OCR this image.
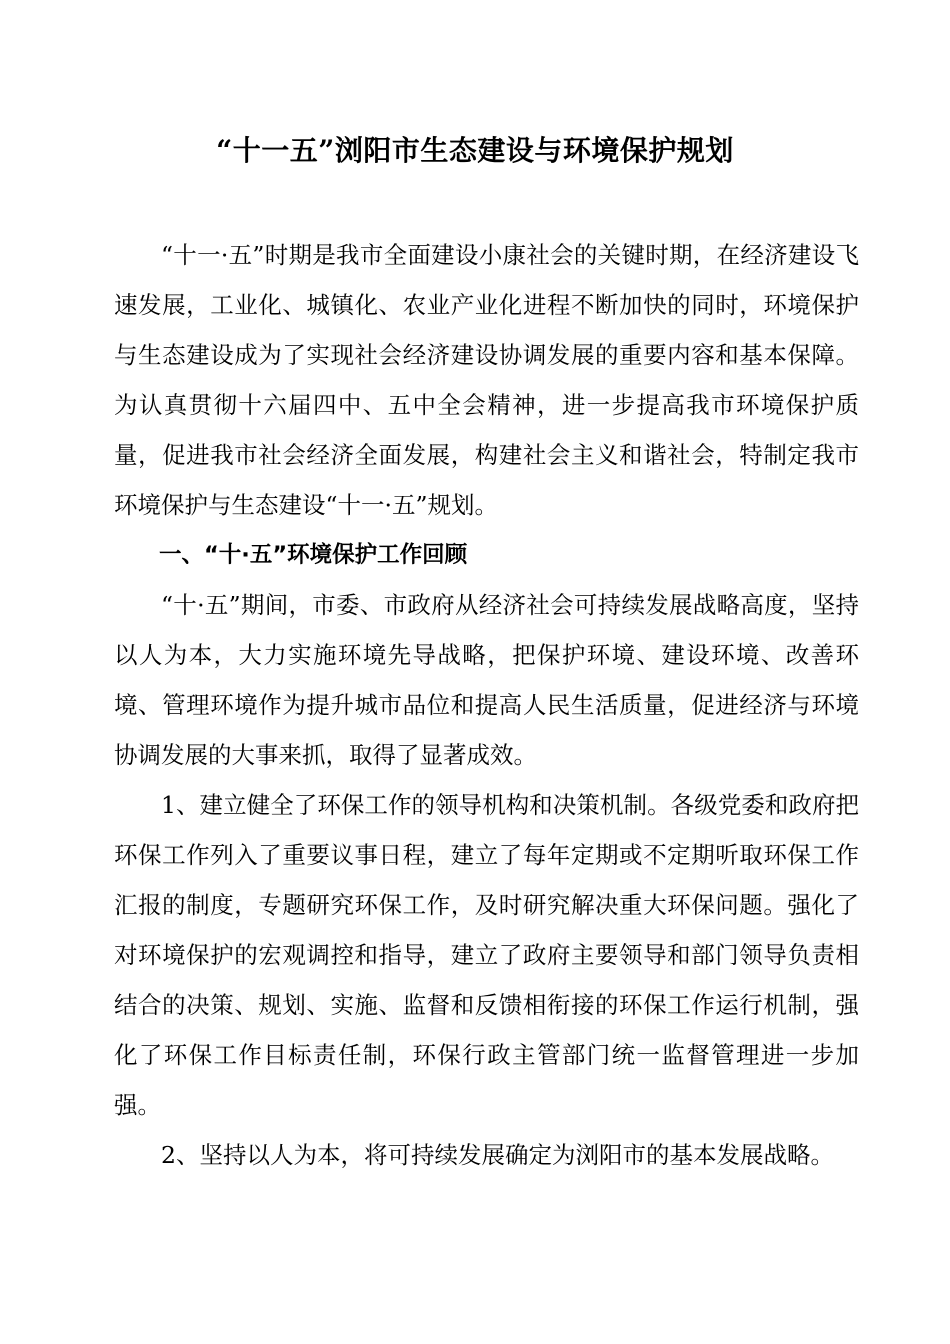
“十一五”浏阳市生态建设与环境保护规划

“十一·五”时期是我市全面建设小康社会的关键时期，在经济建设飞速发展，工业化、城镇化、农业产业化进程不断加快的同时，环境保护与生态建设成为了实现社会经济建设协调发展的重要内容和基本保障。为认真贯彻十六届四中、五中全会精神，进一步提高我市环境保护质量，促进我市社会经济全面发展，构建社会主义和谐社会，特制定我市环境保护与生态建设“十一·五”规划。

一、“十·五”环境保护工作回顾

“十·五”期间，市委、市政府从经济社会可持续发展战略高度，坚持以人为本，大力实施环境先导战略，把保护环境、建设环境、改善环境、管理环境作为提升城市品位和提高人民生活质量，促进经济与环境协调发展的大事来抓，取得了显著成效。

1、建立健全了环保工作的领导机构和决策机制。各级党委和政府把环保工作列入了重要议事日程，建立了每年定期或不定期听取环保工作汇报的制度，专题研究环保工作，及时研究解决重大环保问题。强化了对环境保护的宏观调控和指导，建立了政府主要领导和部门领导负责相结合的决策、规划、实施、监督和反馈相衔接的环保工作运行机制，强化了环保工作目标责任制，环保行政主管部门统一监督管理进一步加强。

2、坚持以人为本，将可持续发展确定为浏阳市的基本发展战略。
